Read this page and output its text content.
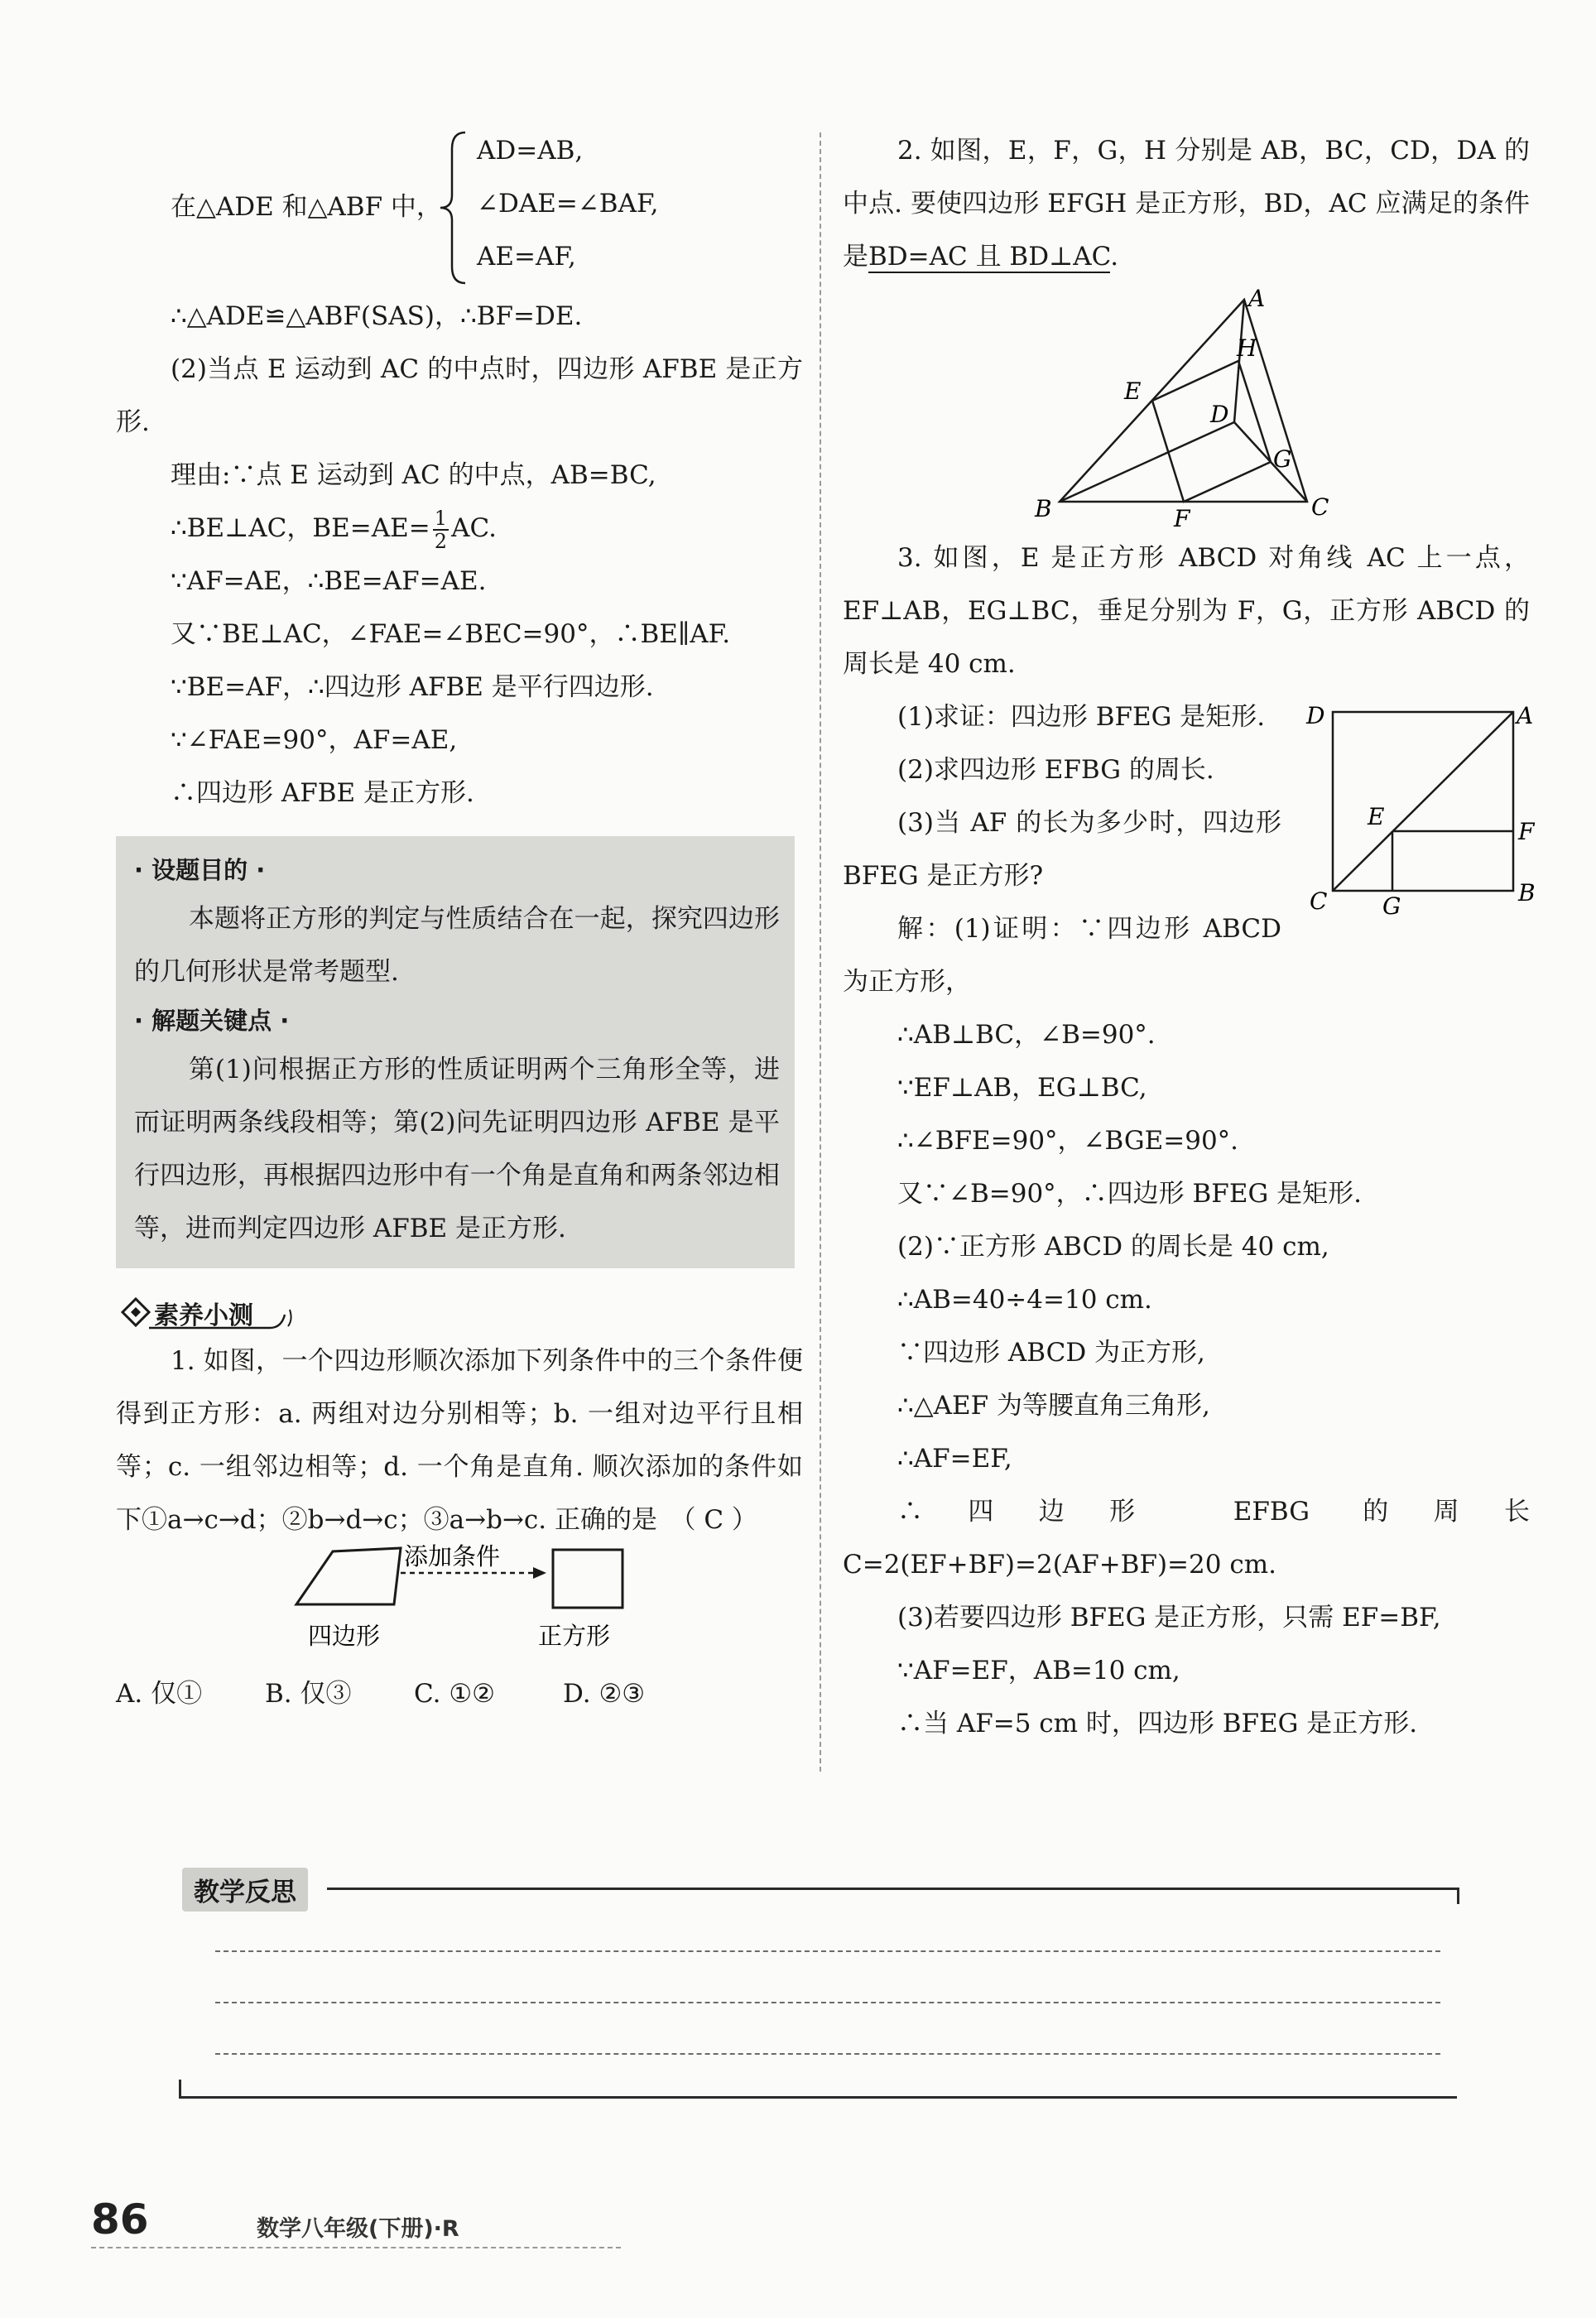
在△ADE 和△ABF 中，
AD=AB,
∠DAE=∠BAF,
AE=AF,
∴△ADE≌△ABF(SAS)，∴BF=DE.
(2)当点 E 运动到 AC 的中点时，四边形 AFBE 是正方形.
理由:∵点 E 运动到 AC 的中点，AB=BC,
∴BE⊥AC，$BE=AE= \frac{1}{2}$ AC.
∵AF=AE，∴BE=AF=AE.
又∵BE⊥AC，∠FAE=∠BEC=90°，∴BE∥AF.
∵BE=AF，∴四边形 AFBE 是平行四边形.
∵∠FAE=90°，AF=AE,
∴四边形 AFBE 是正方形.
· 设题目的 ·
本题将正方形的判定与性质结合在一起，探究四边形的几何形状是常考题型.
· 解题关键点 ·
第(1)问根据正方形的性质证明两个三角形全等，进而证明两条线段相等；第(2)问先证明四边形 AFBE 是平行四边形，再根据四边形中有一个角是直角和两条邻边相等，进而判定四边形 AFBE 是正方形.
素养小测
1. 如图，一个四边形顺次添加下列条件中的三个条件便得到正方形：a. 两组对边分别相等；b. 一组对边平行且相等；c. 一组邻边相等；d. 一个角是直角. 顺次添加的条件如下①a→c→d；②b→d→c；③a→b→c. 正确的是　（ C ）
添加条件
四边形	正方形
A. 仅①	B. 仅③	C. ①②	D. ②③
2. 如图，E，F，G，H 分别是 AB，BC，CD，DA 的中点. 要使四边形 EFGH 是正方形，BD，AC 应满足的条件是BD=AC 且 BD⊥AC.
A
H
E
D
G
B	F	C
3. 如图，E 是正方形 ABCD 对角线 AC 上一点，EF⊥AB，EG⊥BC，垂足分别为 F，G，正方形 ABCD 的周长是 40 cm.
D	A
E
F
C G	B
(1)求证：四边形 BFEG 是矩形.
(2)求四边形 EFBG 的周长.
(3)当 AF 的长为多少时，四边形 BFEG 是正方形?
解：(1)证明：∵四边形 ABCD 为正方形，
∴AB⊥BC，∠B=90°.
∵EF⊥AB，EG⊥BC,
∴∠BFE=90°，∠BGE=90°.
又∵∠B=90°，∴四边形 BFEG 是矩形.
(2)∵正方形 ABCD 的周长是 40 cm,
∴AB=40÷4=10 cm.
∵四边形 ABCD 为正方形,
∴△AEF 为等腰直角三角形,
∴AF=EF,
∴四边形 EFBG 的周长 C=2(EF+BF)=2(AF+BF)=20 cm.
(3)若要四边形 BFEG 是正方形，只需 EF=BF,
∵AF=EF，AB=10 cm,
∴当 AF=5 cm 时，四边形 BFEG 是正方形.
教学反思
86	数学八年级(下册)·R
